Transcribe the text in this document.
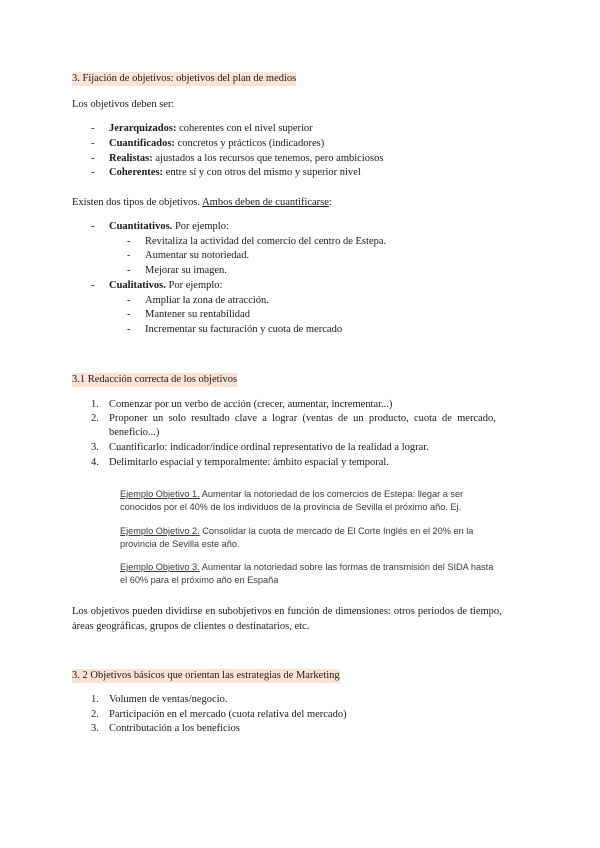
3. Fijación de objetivos: objetivos del plan de medios
Los objetivos deben ser:
- Jerarquizados: coherentes con el nivel superior
- Cuantificados: concretos y prácticos (indicadores)
- Realistas: ajustados a los recursos que tenemos, pero ambiciosos
- Coherentes: entre sí y con otros del mismo y superior nivel
Existen dos tipos de objetivos. Ambos deben de cuantificarse:
- Cuantitativos. Por ejemplo:
- Revitaliza la actividad del comercio del centro de Estepa.
- Aumentar su notoriedad.
- Mejorar su imagen.
- Cualitativos. Por ejemplo:
- Ampliar la zona de atracción.
- Mantener su rentabilidad
- Incrementar su facturación y cuota de mercado
3.1 Redacción correcta de los objetivos
1. Comenzar por un verbo de acción (crecer, aumentar, incrementar...)
2. Proponer un solo resultado clave a lograr (ventas de un producto, cuota de mercado,
beneficio...)
3. Cuantificarlo: indicador/índice ordinal representativo de la realidad a lograr.
4. Delimitarlo espacial y temporalmente: ámbito espacial y temporal.
Ejemplo Objetivo 1. Aumentar la notoriedad de los comercios de Estepa: llegar a ser
conocidos por el 40% de los individuos de la provincia de Sevilla el próximo año. Ej.
Ejemplo Objetivo 2. Consolidar la cuota de mercado de El Corte Inglés en el 20% en la
provincia de Sevilla este año.
Ejemplo Objetivo 3. Aumentar la notoriedad sobre las formas de transmisión del SIDA hasta
el 60% para el próximo año en España
Los objetivos pueden dividirse en subobjetivos en función de dimensiones: otros periodos de tiempo,
áreas geográficas, grupos de clientes o destinatarios, etc.
3. 2 Objetivos básicos que orientan las estrategias de Marketing
1. Volumen de ventas/negocio.
2. Participación en el mercado (cuota relativa del mercado)
3. Contributación a los beneficios
